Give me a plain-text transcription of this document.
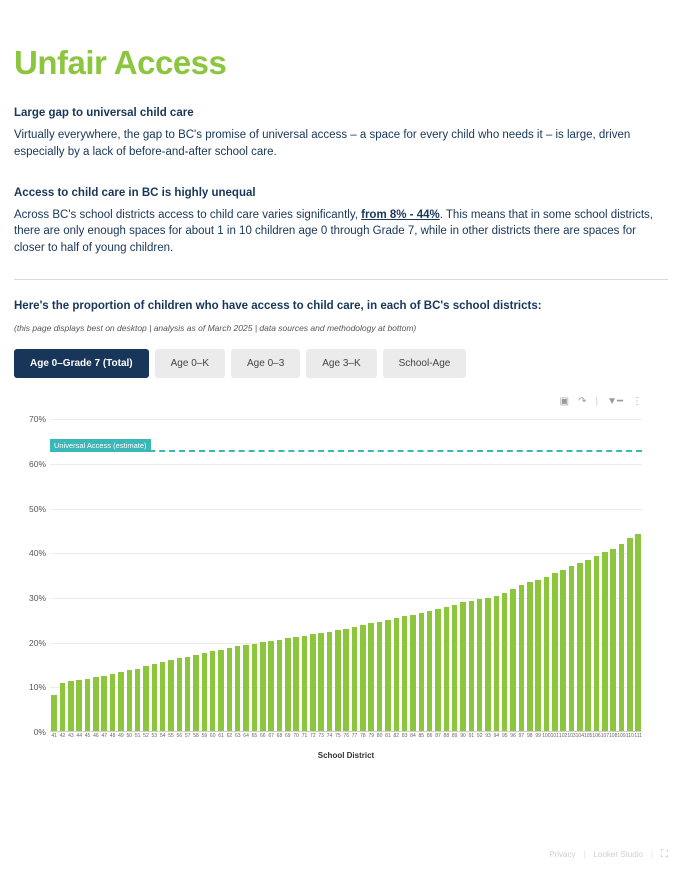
Unfair Access
Large gap to universal child care

Virtually everywhere, the gap to BC's promise of universal access – a space for every child who needs it – is large, driven especially by a lack of before-and-after school care.

Access to child care in BC is highly unequal

Across BC's school districts access to child care varies significantly, from 8% - 44%. This means that in some school districts, there are only enough spaces for about 1 in 10 children age 0 through Grade 7, while in other districts there are spaces for closer to half of young children.

Here's the proportion of children who have access to child care, in each of BC's school districts:

(this page displays best on desktop | analysis as of March 2025 | data sources and methodology at bottom)

Age 0–Grade 7 (Total)	Age 0–K	Age 0–3	Age 3–K	School-Age
▣ ↷ | ▼━ ⋮
0%
10%
20%
30%
40%
50%
60%
70%
Universal Access (estimate)
41 42 43 44 45 46 47 48 49 50 51 52 53 54 55 56 57 58 59 60 61 62 63 64 65 66 67 68 69 70 71 72 73 74 75 76 77 78 79 80 81 82 83 84 85 86 87 88 89 90 91 92 93 94 95 96 97 98 99 100 101 102 103 104 105 106 107 108 109 110 111
School District
Privacy | Looker Studio | ⛶
